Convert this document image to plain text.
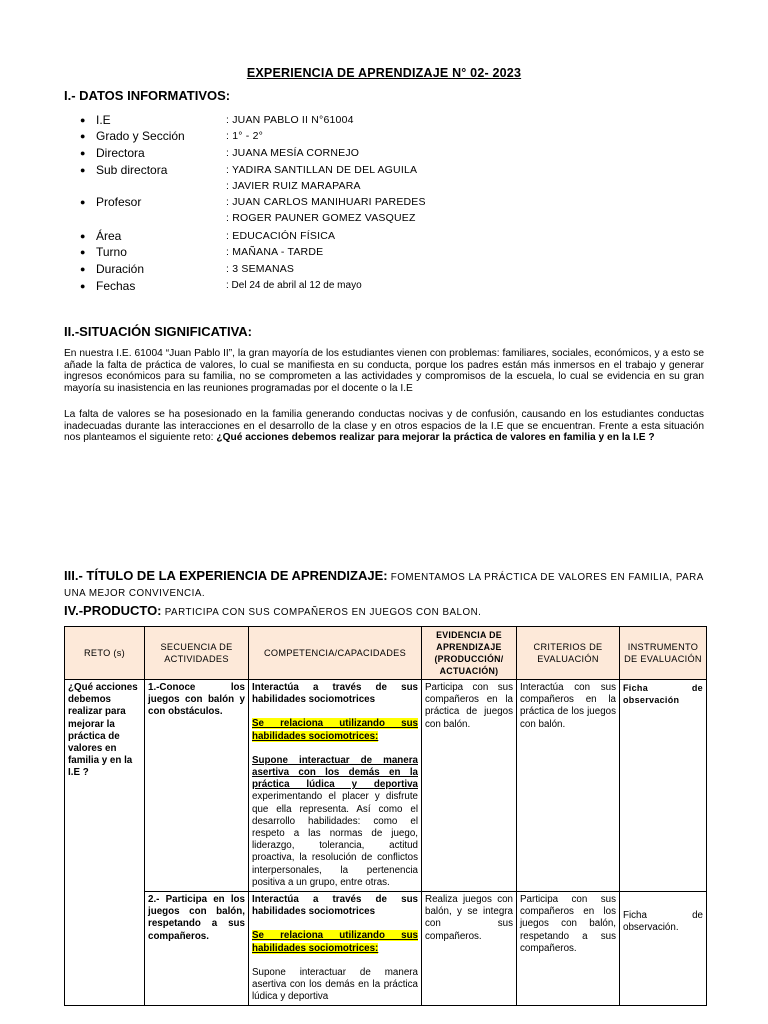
EXPERIENCIA DE APRENDIZAJE N° 02- 2023
I.- DATOS INFORMATIVOS:
● I.E	: JUAN PABLO II N°61004
● Grado y Sección	: 1° - 2°
● Directora	: JUANA MESÍA CORNEJO
● Sub directora	: YADIRA SANTILLAN DE DEL AGUILA
: JAVIER RUIZ MARAPARA
● Profesor	: JUAN CARLOS MANIHUARI PAREDES
: ROGER PAUNER GOMEZ VASQUEZ
● Área	: EDUCACIÓN FÍSICA
● Turno	: MAÑANA - TARDE
● Duración	: 3 SEMANAS
● Fechas	: Del 24 de abril al 12 de mayo
II.-SITUACIÓN SIGNIFICATIVA:
En nuestra I.E. 61004 “Juan Pablo II”, la gran mayoría de los estudiantes vienen con problemas: familiares, sociales, económicos, y a esto se añade la falta de práctica de valores, lo cual se manifiesta en su conducta, porque los padres están más inmersos en el trabajo y generar ingresos económicos para su familia, no se comprometen a las actividades y compromisos de la escuela, lo cual se evidencia en su gran mayoría su inasistencia en las reuniones programadas por el docente o la I.E
La falta de valores se ha posesionado en la familia generando conductas nocivas y de confusión, causando en los estudiantes conductas inadecuadas durante las interacciones en el desarrollo de la clase y en otros espacios de la I.E que se encuentran. Frente a esta situación nos planteamos el siguiente reto: ¿Qué acciones debemos realizar para mejorar la práctica de valores en familia y en la I.E ?
III.- TÍTULO DE LA EXPERIENCIA DE APRENDIZAJE: FOMENTAMOS LA PRÁCTICA DE VALORES EN FAMILIA, PARA UNA MEJOR CONVIVENCIA.
IV.-PRODUCTO: PARTICIPA CON SUS COMPAÑEROS EN JUEGOS CON BALON.
RETO (s)	SECUENCIA DE ACTIVIDADES	COMPETENCIA/CAPACIDADES	EVIDENCIA DE APRENDIZAJE (PRODUCCIÓN/ ACTUACIÓN)	CRITERIOS DE EVALUACIÓN	INSTRUMENTO DE EVALUACIÓN
¿Qué acciones debemos realizar para mejorar la práctica de valores en familia y en la I.E ?	1.-Conoce los juegos con balón y con obstáculos.	Interactúa a través de sus habilidades sociomotrices
Se relaciona utilizando sus habilidades sociomotrices:
Supone interactuar de manera asertiva con los demás en la práctica lúdica y deportiva experimentando el placer y disfrute que ella representa. Así como el desarrollo habilidades: como el respeto a las normas de juego, liderazgo, tolerancia, actitud proactiva, la resolución de conflictos interpersonales, la pertenencia positiva a un grupo, entre otras.	Participa con sus compañeros en la práctica de juegos con balón.	Interactúa con sus compañeros en la práctica de los juegos con balón.	Ficha de observación
	2.- Participa en los juegos con balón, respetando a sus compañeros.	Interactúa a través de sus habilidades sociomotrices
Se relaciona utilizando sus habilidades sociomotrices:
Supone interactuar de manera asertiva con los demás en la práctica lúdica y deportiva	Realiza juegos con balón, y se integra con sus compañeros.	Participa con sus compañeros en los juegos con balón, respetando a sus compañeros.	Ficha de observación.
